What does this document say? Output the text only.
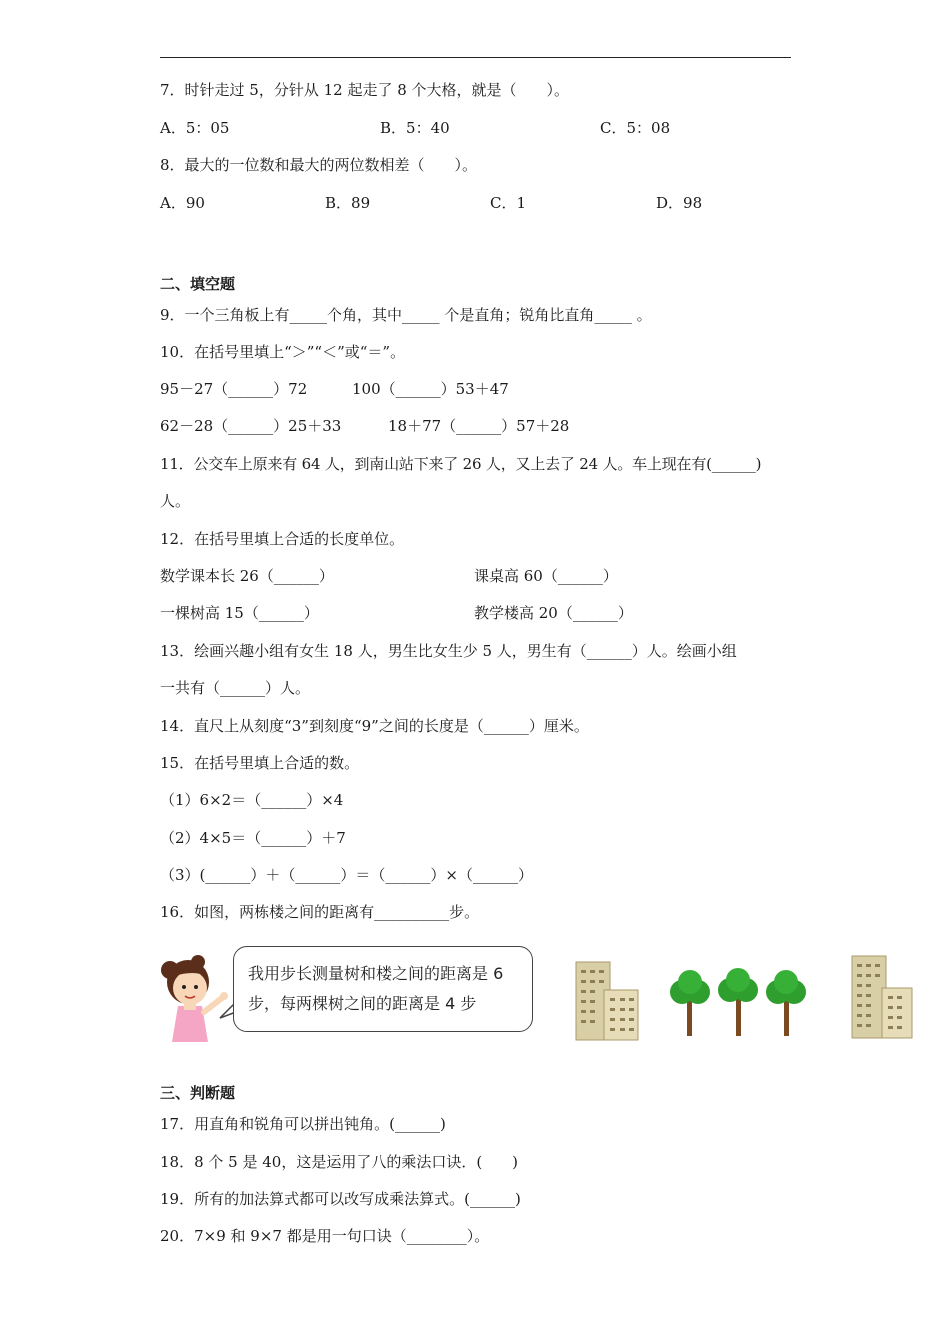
7．时针走过 5，分针从 12 起走了 8 个大格，就是（　　）。
A．5：05	B．5：40	C．5：08
8．最大的一位数和最大的两位数相差（　　）。
A．90	B．89	C．1	D．98
二、填空题
9．一个三角板上有_____个角，其中_____ 个是直角；锐角比直角_____ 。
10．在括号里填上“＞”“＜”或“＝”。
95－27（______）72	100（______）53＋47
62－28（______）25＋33	18＋77（______）57＋28
11．公交车上原来有 64 人，到南山站下来了 26 人，又上去了 24 人。车上现在有(______)
人。
12．在括号里填上合适的长度单位。
数学课本长 26（______）	课桌高 60（______）
一棵树高 15（______）	教学楼高 20（______）
13．绘画兴趣小组有女生 18 人，男生比女生少 5 人，男生有（______）人。绘画小组
一共有（______）人。
14．直尺上从刻度“3”到刻度“9”之间的长度是（______）厘米。
15．在括号里填上合适的数。
（1）6×2＝（______）×4
（2）4×5＝（______）＋7
（3）(______）＋（______）＝（______）×（______）
16．如图，两栋楼之间的距离有__________步。
我用步长测量树和楼之间的距离是 6
步，每两棵树之间的距离是 4 步
三、判断题
17．用直角和锐角可以拼出钝角。(______)
18．8 个 5 是 40，这是运用了八的乘法口诀．(　　)
19．所有的加法算式都可以改写成乘法算式。(______)
20．7×9 和 9×7 都是用一句口诀（________）。
